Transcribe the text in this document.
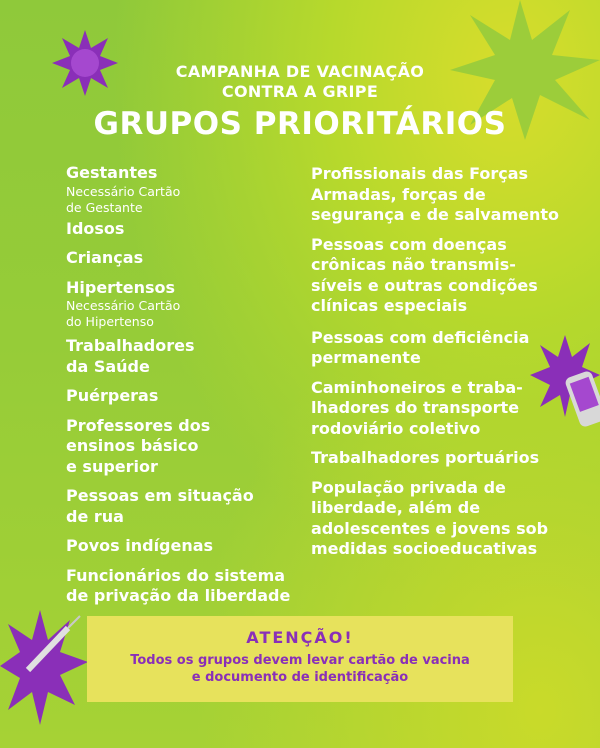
CAMPANHA DE VACINAÇÃO
CONTRA A GRIPE
GRUPOS PRIORITÁRIOS
Gestantes
Necessário Cartão
de Gestante
Idosos
Crianças
Hipertensos
Necessário Cartão
do Hipertenso
Trabalhadores
da Saúde
Puérperas
Professores dos
ensinos básico
e superior
Pessoas em situação
de rua
Povos indígenas
Funcionários do sistema
de privação da liberdade
Profissionais das Forças
Armadas, forças de
segurança e de salvamento
Pessoas com doenças
crônicas não transmis-
síveis e outras condições
clínicas especiais
Pessoas com deficiência
permanente
Caminhoneiros e traba-
lhadores do transporte
rodoviário coletivo
Trabalhadores portuários
População privada de
liberdade, além de
adolescentes e jovens sob
medidas socioeducativas
ATENÇÃO!
Todos os grupos devem levar cartão de vacina
e documento de identificação
